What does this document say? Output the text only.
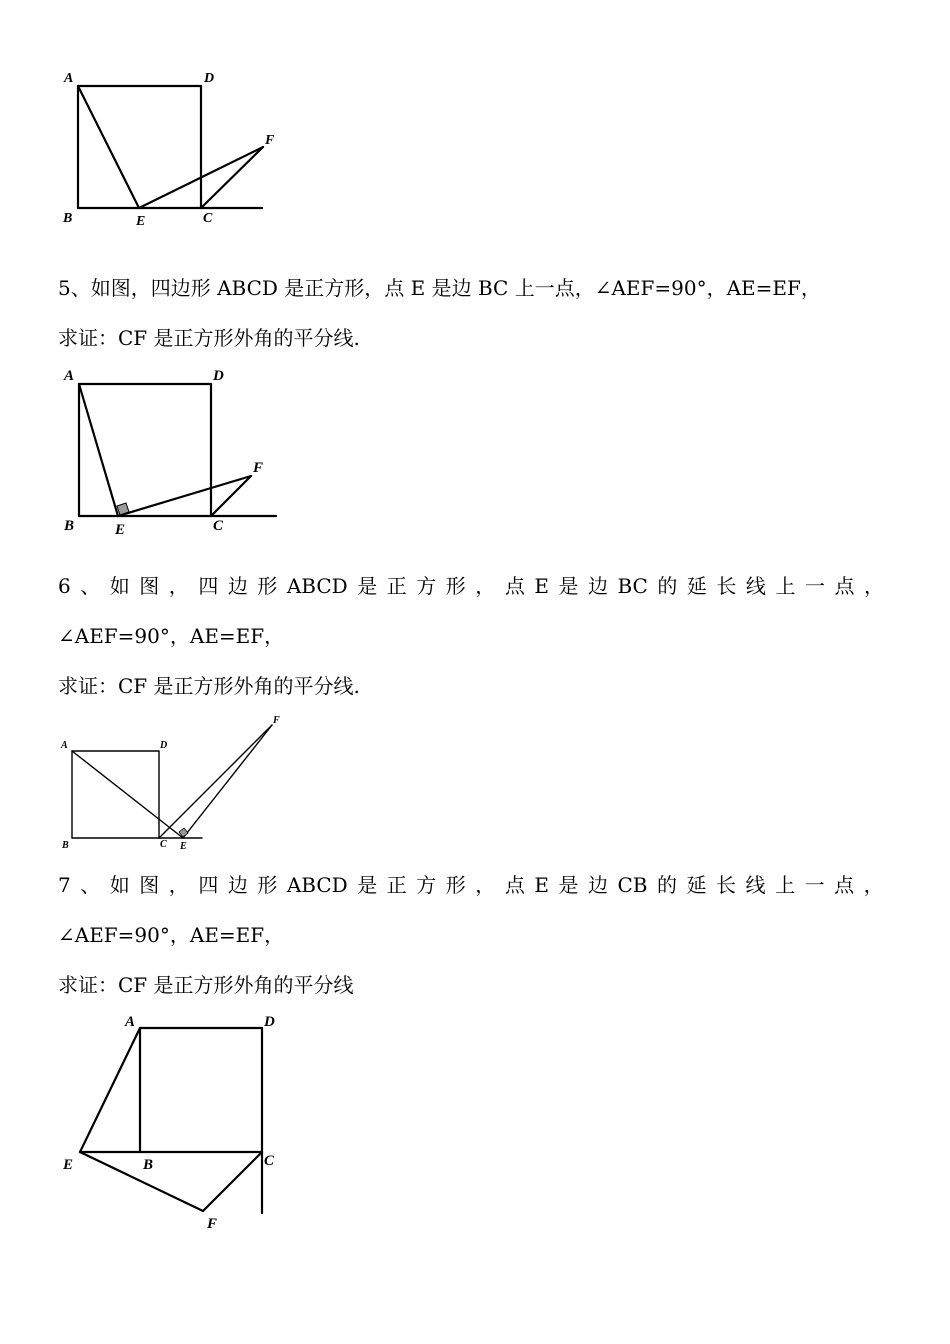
A	D
F
B	E	C
5、如图，四边形 ABCD 是正方形，点 E 是边 BC 上一点，∠AEF=90°，AE=EF，
求证：CF 是正方形外角的平分线.
A	D
F
B	E	C
6 、 如 图 ， 四 边 形 ABCD 是 正 方 形 ， 点 E 是 边 BC 的 延 长 线 上 一 点 ，
∠AEF=90°，AE=EF，
求证：CF 是正方形外角的平分线.
A	D
F
B	C E
7 、 如 图 ， 四 边 形 ABCD 是 正 方 形 ， 点 E 是 边 CB 的 延 长 线 上 一 点 ，
∠AEF=90°，AE=EF，
求证：CF 是正方形外角的平分线
A	D
E	B	C
F
